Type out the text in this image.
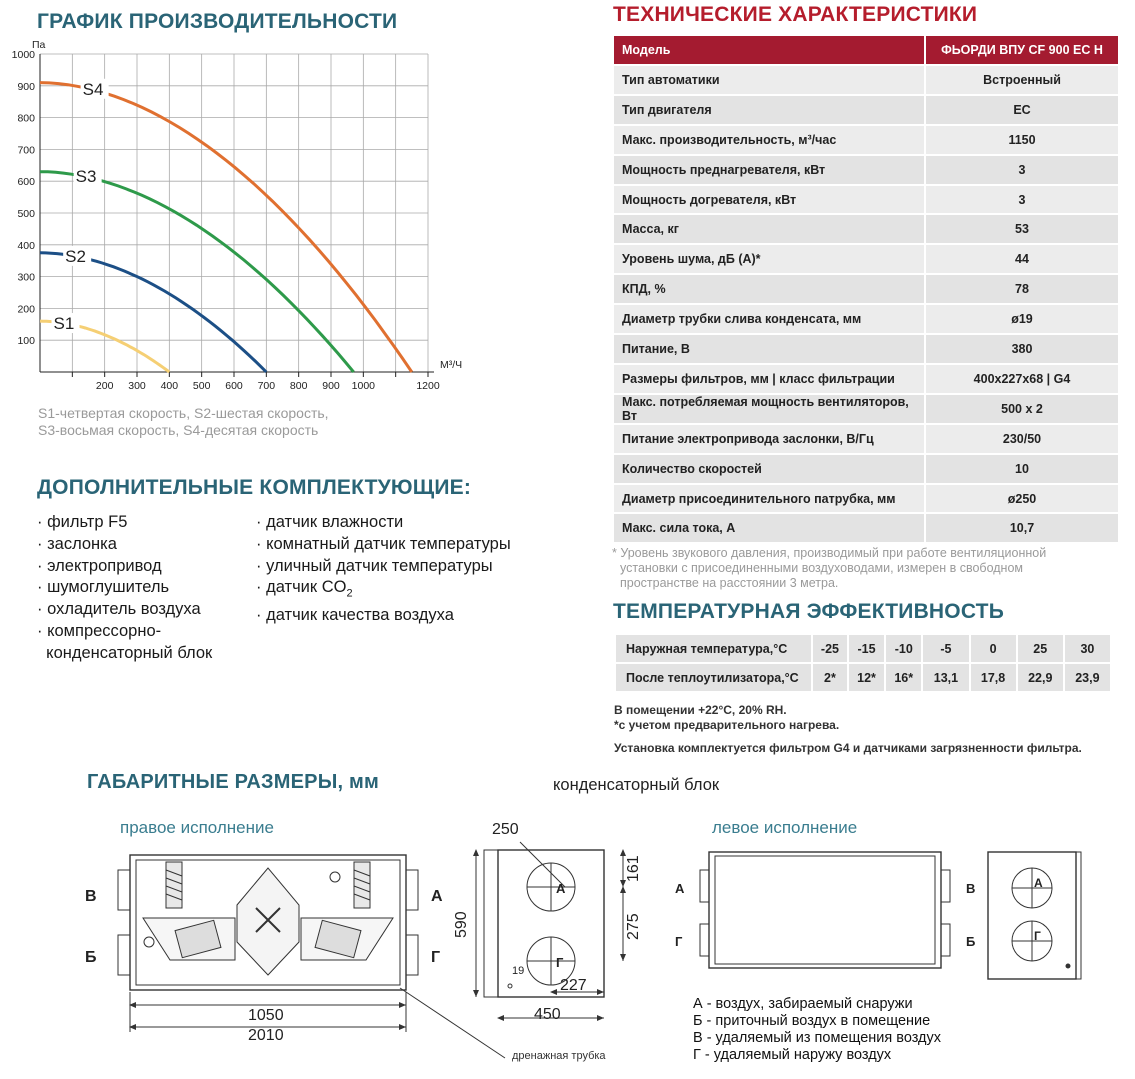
ГРАФИК ПРОИЗВОДИТЕЛЬНОСТИ
100
200
300
400
500
600
700
800
900
1000
200 300 400 500 600 700 800 900 1000	1200
Па
М³/Ч
S1
S2
S3
S4
S1-четвертая скорость, S2-шестая скорость,
S3-восьмая скорость, S4-десятая скорость
ДОПОЛНИТЕЛЬНЫЕ КОМПЛЕКТУЮЩИЕ:
· фильтр F5
· заслонка
· электропривод
· шумоглушитель
· охладитель воздуха
· компрессорно-
конденсаторный блок
· датчик влажности
· комнатный датчик температуры
· уличный датчик температуры
· датчик $CO_2$
· датчик качества воздуха
ТЕХНИЧЕСКИЕ ХАРАКТЕРИСТИКИ
Модель	ФЬОРДИ ВПУ CF 900 EC H
Тип автоматики	Встроенный
Тип двигателя	EC
Макс. производительность, м³/час	1150
Мощность преднагревателя, кВт	3
Мощность догревателя, кВт	3
Масса, кг	53
Уровень шума, дБ (А)*	44
КПД, %	78
Диаметр трубки слива конденсата, мм	ø19
Питание, В	380
Размеры фильтров, мм | класс фильтрации	400x227x68 | G4
Макс. потребляемая мощность вентиляторов, Вт	500 x 2
Питание электропривода заслонки, В/Гц	230/50
Количество скоростей	10
Диаметр присоединительного патрубка, мм	ø250
Макс. сила тока, А	10,7
* Уровень звукового давления, производимый при работе вентиляционной
установки с присоединенными воздуховодами, измерен в свободном
пространстве на расстоянии 3 метра.
ТЕМПЕРАТУРНАЯ ЭФФЕКТИВНОСТЬ
Наружная температура,°С	-25	-15	-10	-5	0	25	30
После теплоутилизатора,°С	2*	12*	16*	13,1	17,8	22,9	23,9
В помещении +22°С, 20% RH.
*с учетом предварительного нагрева.
Установка комплектуется фильтром G4 и датчиками загрязненности фильтра.
ГАБАРИТНЫЕ РАЗМЕРЫ, мм	конденсаторный блок
правое исполнение	левое исполнение
В
Б
А
Г
1050
2010
250
А
Г
590
161
275
227
19
450
дренажная трубка
А
Г
В
Б
А
Г
А - воздух, забираемый снаружи
Б - приточный воздух в помещение
В - удаляемый из помещения воздух
Г - удаляемый наружу воздух
